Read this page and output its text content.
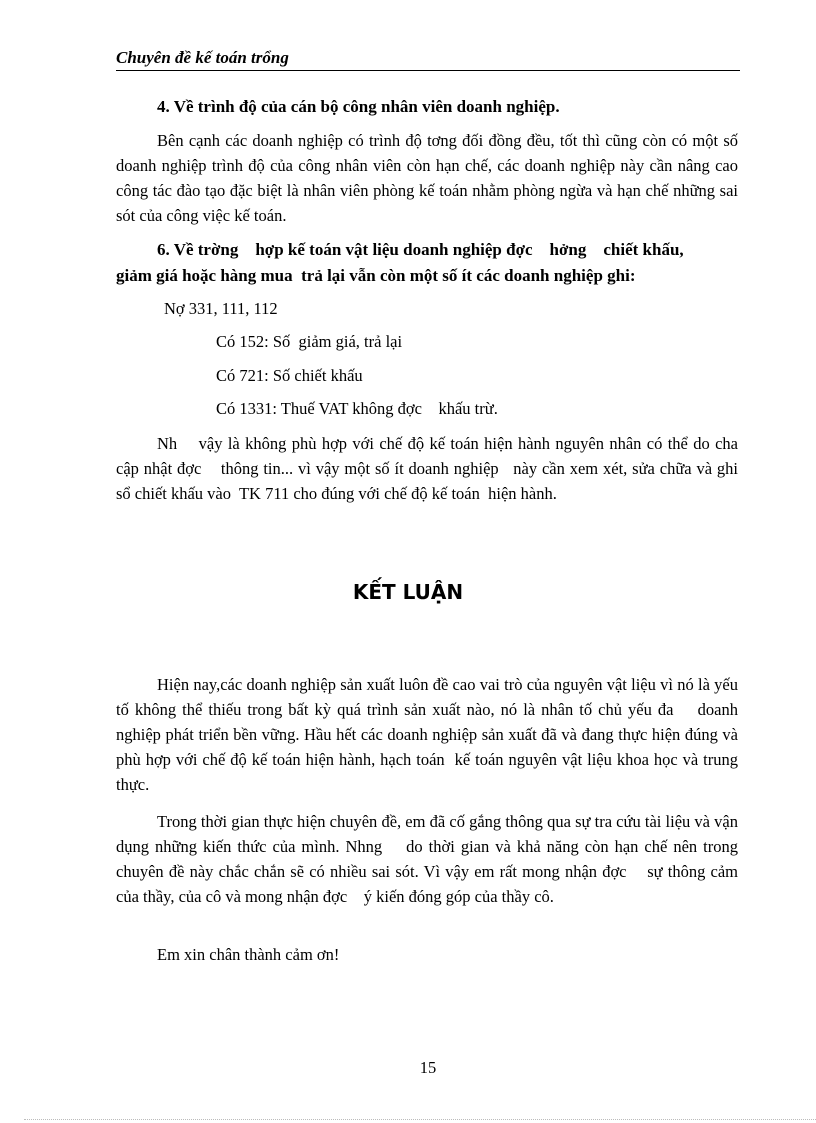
Chuyên đề kế toán trổng
4. Về trình độ của cán bộ công nhân viên doanh nghiệp.

Bên cạnh các doanh nghiệp có trình độ tơng đối đồng đều, tốt thì cũng còn có một số doanh nghiệp trình độ của công nhân viên còn hạn chế, các doanh nghiệp này cần nâng cao công tác đào tạo đặc biệt là nhân viên phòng kế toán nhằm phòng ngừa và hạn chế những sai sót của công việc kế toán.

6. Về trờng    hợp kế toán vật liệu doanh nghiệp đợc    hởng    chiết khấu,
giảm giá hoặc hàng mua  trả lại vẫn còn một số ít các doanh nghiệp ghi:
Nợ 331, 111, 112
Có 152: Số  giảm giá, trả lại
Có 721: Số chiết khấu
Có 1331: Thuế VAT không đợc    khấu trừ.

Nh    vậy là không phù hợp với chế độ kế toán hiện hành nguyên nhân có thể do cha    cập nhật đợc    thông tin... vì vậy một số ít doanh nghiệp   này cần xem xét, sửa chữa và ghi sổ chiết khấu vào  TK 711 cho đúng với chế độ kế toán  hiện hành.

KẾT LUẬN

Hiện nay,các doanh nghiệp sản xuất luôn đề cao vai trò của nguyên vật liệu vì nó là yếu tố không thể thiếu trong bất kỳ quá trình sản xuất nào, nó là nhân tố chủ yếu đa    doanh nghiệp phát triển bền vững. Hầu hết các doanh nghiệp sản xuất đã và đang thực hiện đúng và phù hợp với chế độ kế toán hiện hành, hạch toán  kế toán nguyên vật liệu khoa học và trung thực.

Trong thời gian thực hiện chuyên đề, em đã cố gắng thông qua sự tra cứu tài liệu và vận dụng những kiến thức của mình. Nhng    do thời gian và khả năng còn hạn chế nên trong chuyên đề này chắc chắn sẽ có nhiều sai sót. Vì vậy em rất mong nhận đợc    sự thông cảm của thầy, của cô và mong nhận đợc    ý kiến đóng góp của thầy cô.

Em xin chân thành cảm ơn!

15
